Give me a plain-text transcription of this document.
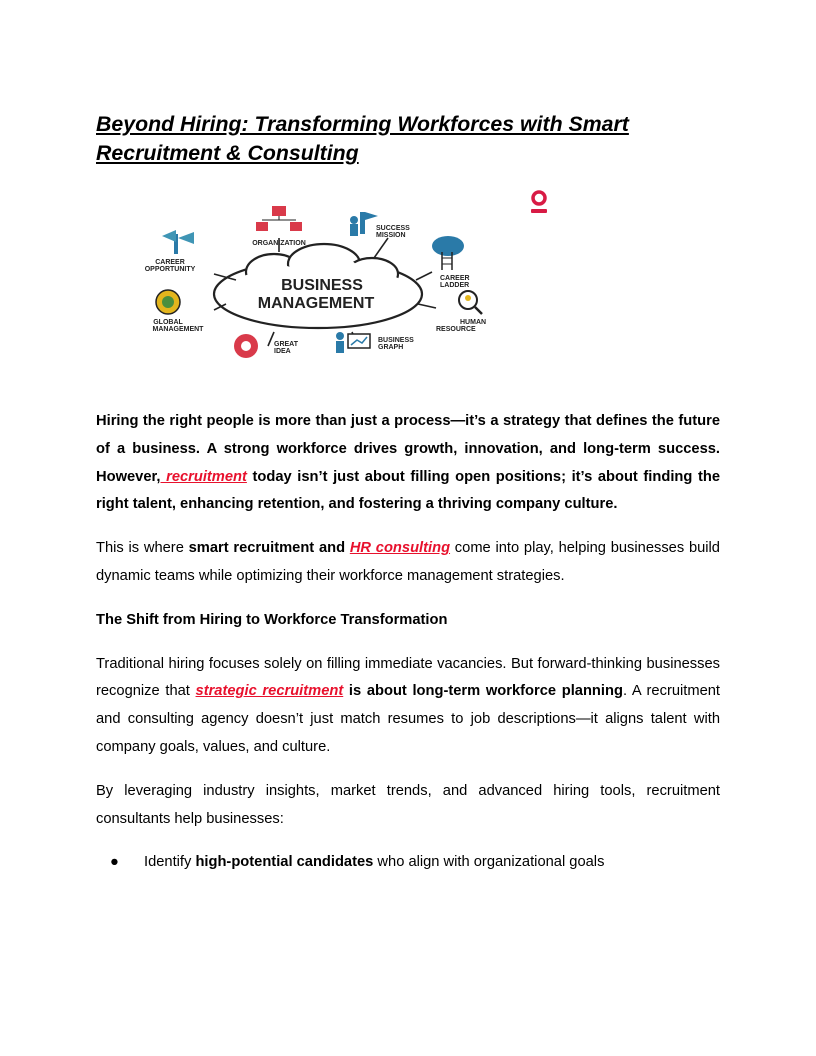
Beyond Hiring: Transforming Workforces with Smart Recruitment & Consulting
BUSINESS
MANAGEMENT
ORGANIZATION
SUCCESS
MISSION
CAREER
OPPORTUNITY
CAREER
LADDER
GLOBAL
MANAGEMENT
HUMAN
RESOURCE
GREAT
IDEA
BUSINESS
GRAPH

Hiring the right people is more than just a process—it’s a strategy that defines the future of a business. A strong workforce drives growth, innovation, and long-term success. However, recruitment today isn’t just about filling open positions; it’s about finding the right talent, enhancing retention, and fostering a thriving company culture.

This is where smart recruitment and HR consulting come into play, helping businesses build dynamic teams while optimizing their workforce management strategies.

The Shift from Hiring to Workforce Transformation

Traditional hiring focuses solely on filling immediate vacancies. But forward-thinking businesses recognize that strategic recruitment is about long-term workforce planning. A recruitment and consulting agency doesn’t just match resumes to job descriptions—it aligns talent with company goals, values, and culture.

By leveraging industry insights, market trends, and advanced hiring tools, recruitment consultants help businesses:

● Identify high-potential candidates who align with organizational goals
